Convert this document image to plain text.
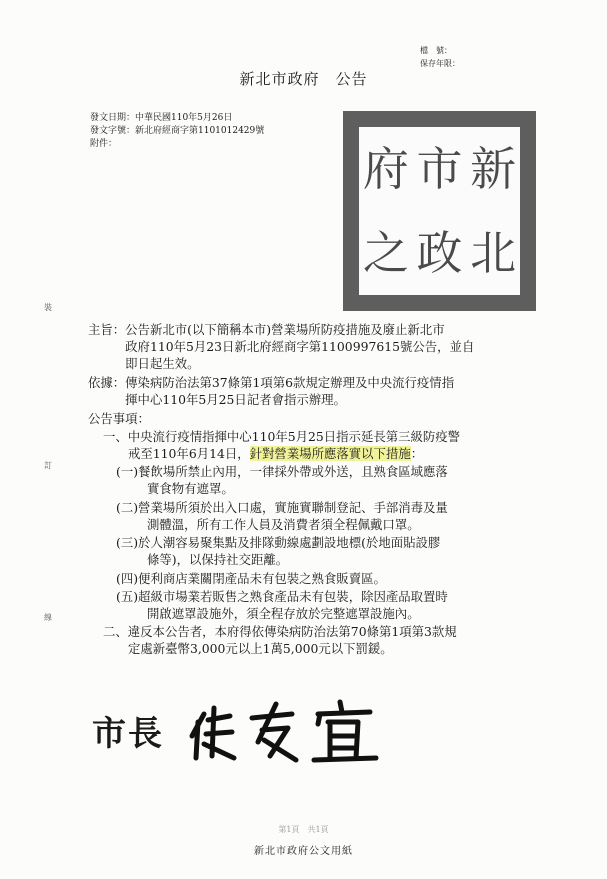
檔　號：
保存年限：
新北市政府　公告
發文日期：中華民國110年5月26日
發文字號：新北府經商字第1101012429號
附件：	府 市 新
之 政 北
裝
訂
線
主旨：公告新北市(以下簡稱本市)營業場所防疫措施及廢止新北市
　　　政府110年5月23日新北府經商字第1100997615號公告，並自
　　　即日起生效。
依據：傳染病防治法第37條第1項第6款規定辦理及中央流行疫情指
　　　揮中心110年5月25日記者會指示辦理。
公告事項：
一、中央流行疫情指揮中心110年5月25日指示延長第三級防疫警
戒至110年6月14日，針對營業場所應落實以下措施：
(一)餐飲場所禁止內用，一律採外帶或外送，且熟食區域應落
實食物有遮罩。
(二)營業場所須於出入口處，實施實聯制登記、手部消毒及量
測體溫，所有工作人員及消費者須全程佩戴口罩。
(三)於人潮容易聚集點及排隊動線處劃設地標(於地面貼設膠
條等)，以保持社交距離。
(四)便利商店業關閉產品未有包裝之熟食販賣區。
(五)超級市場業若販售之熟食產品未有包裝，除因產品取置時
開啟遮罩設施外，須全程存放於完整遮罩設施內。
二、違反本公告者，本府得依傳染病防治法第70條第1項第3款規
定處新臺幣3,000元以上1萬5,000元以下罰鍰。
市長
第1頁　共1頁
新北市政府公文用紙
